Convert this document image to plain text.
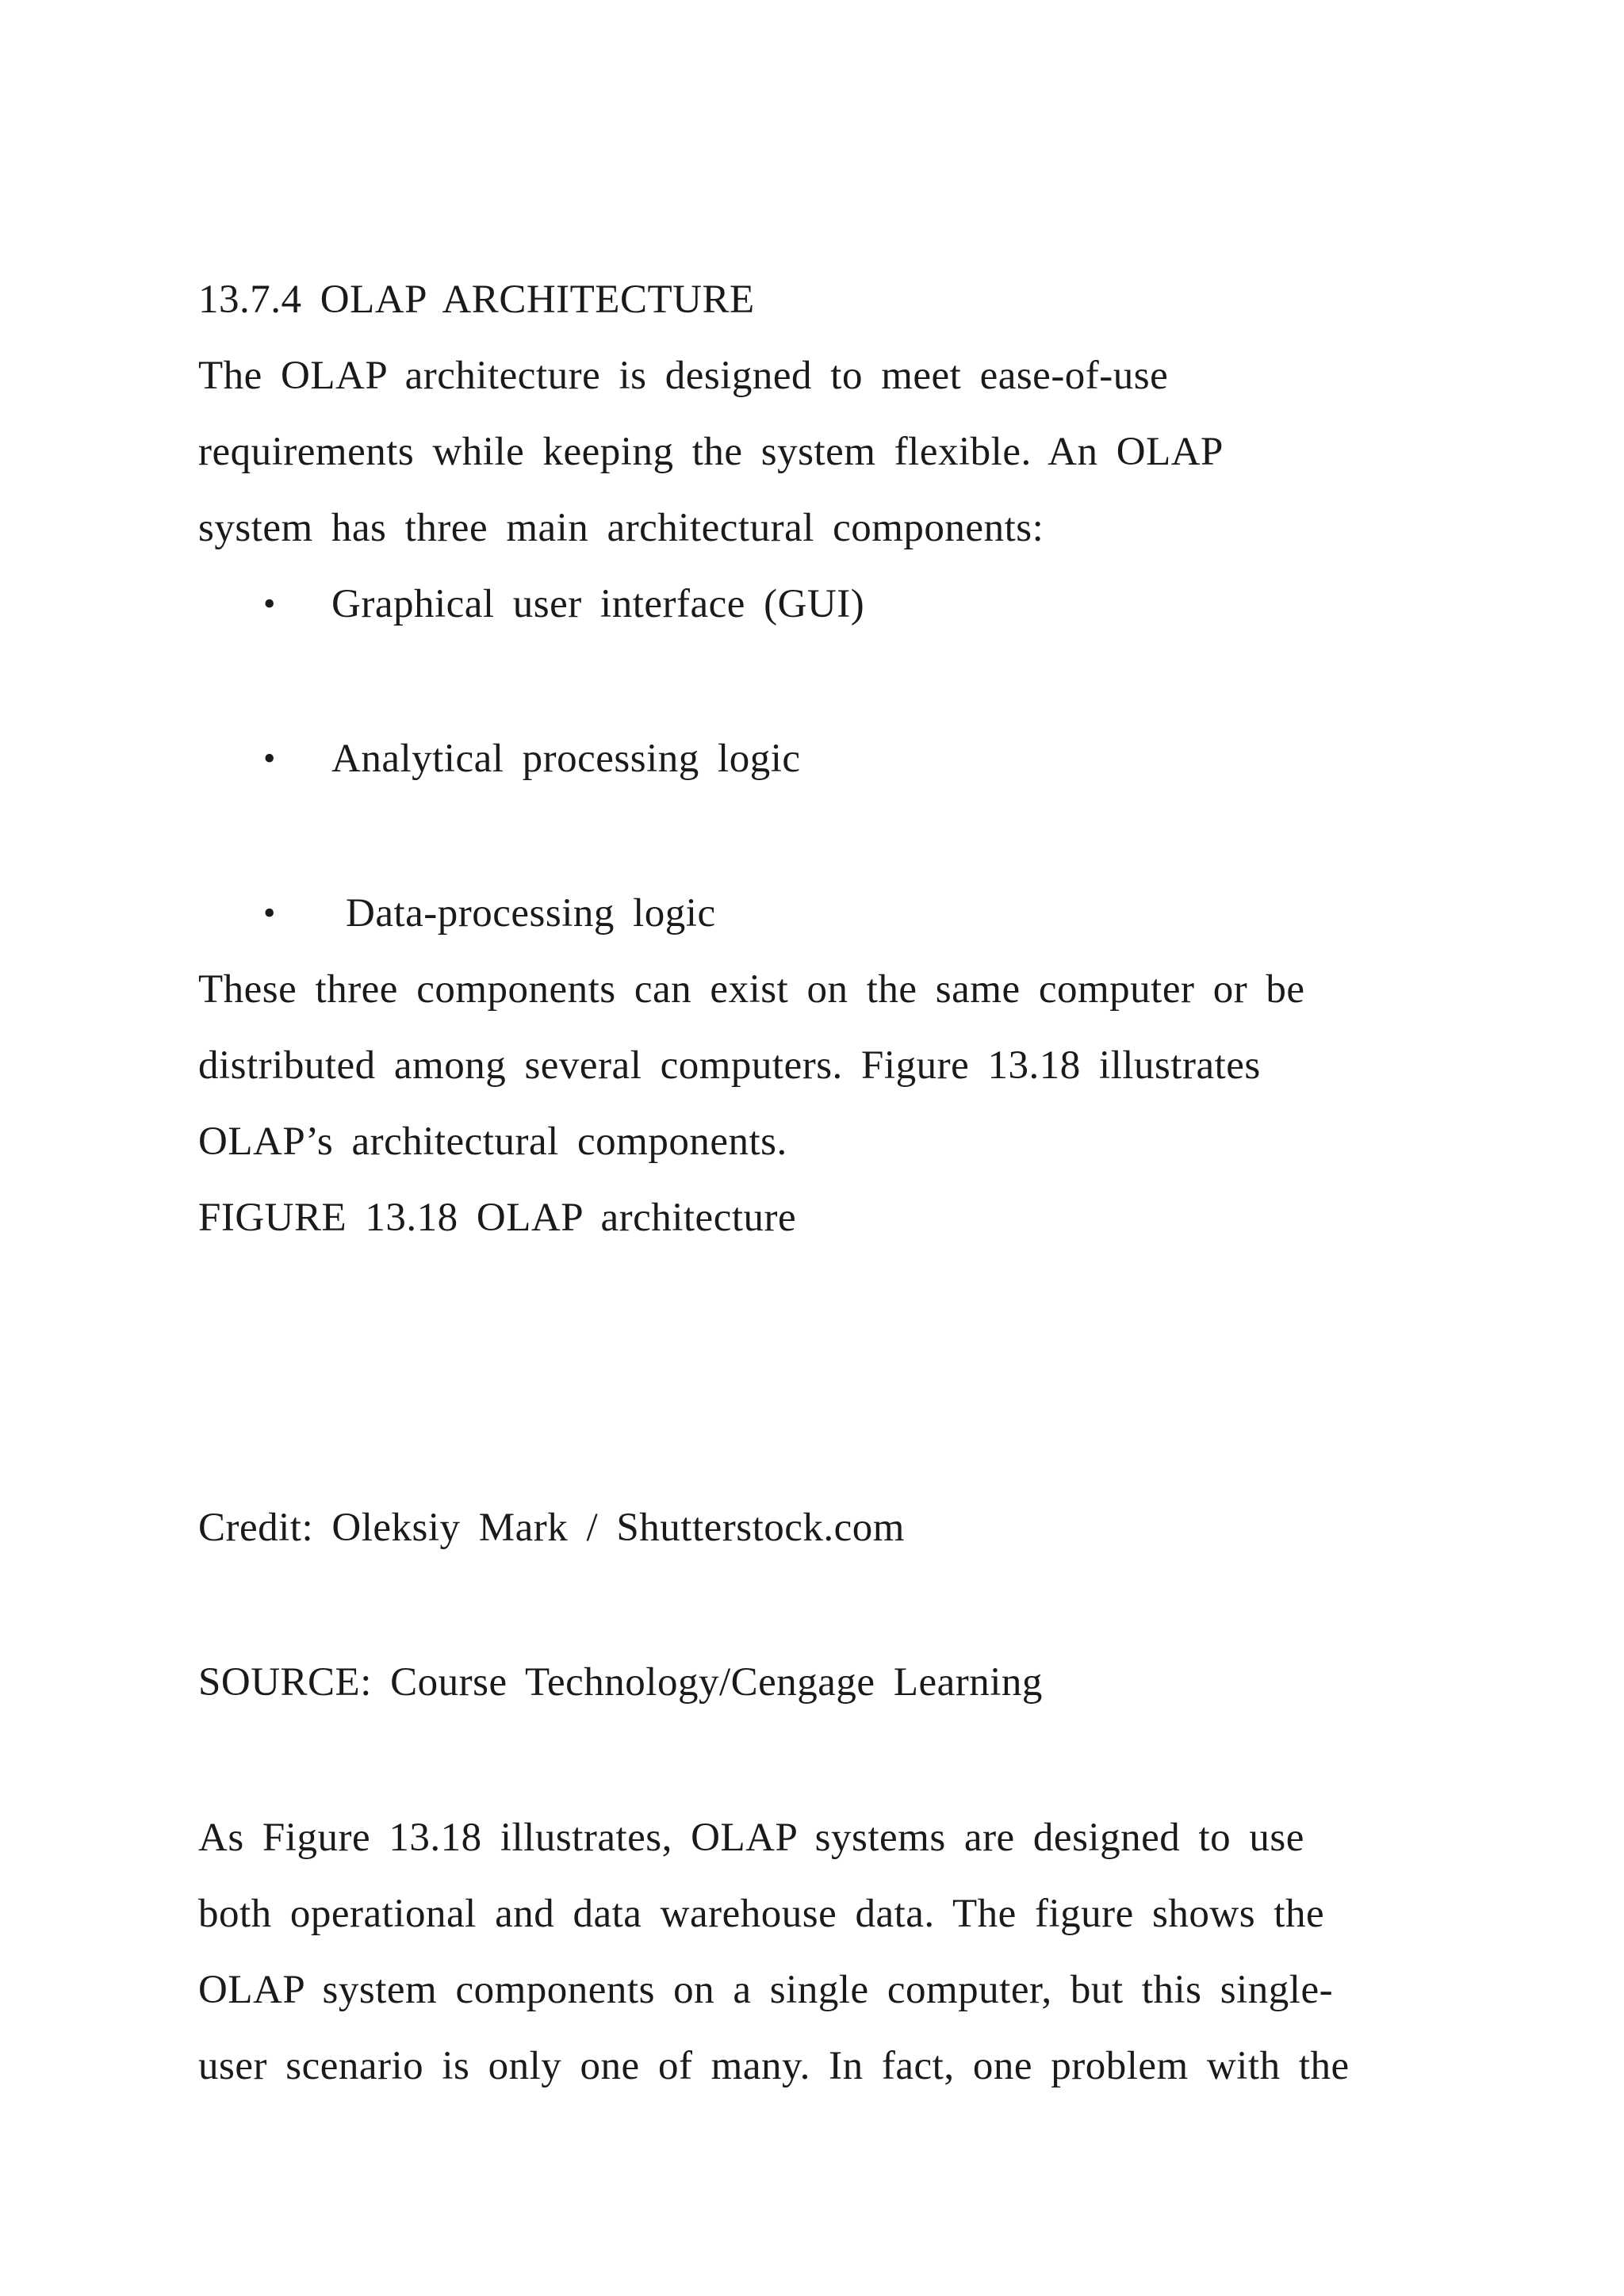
13.7.4 OLAP ARCHITECTURE
The OLAP architecture is designed to meet ease-of-use
requirements while keeping the system flexible. An OLAP
system has three main architectural components:
• Graphical user interface (GUI)
• Analytical processing logic
• Data-processing logic
These three components can exist on the same computer or be
distributed among several computers. Figure 13.18 illustrates
OLAP’s architectural components.
FIGURE 13.18 OLAP architecture
Credit: Oleksiy Mark / Shutterstock.com
SOURCE: Course Technology/Cengage Learning
As Figure 13.18 illustrates, OLAP systems are designed to use
both operational and data warehouse data. The figure shows the
OLAP system components on a single computer, but this single-
user scenario is only one of many. In fact, one problem with the
